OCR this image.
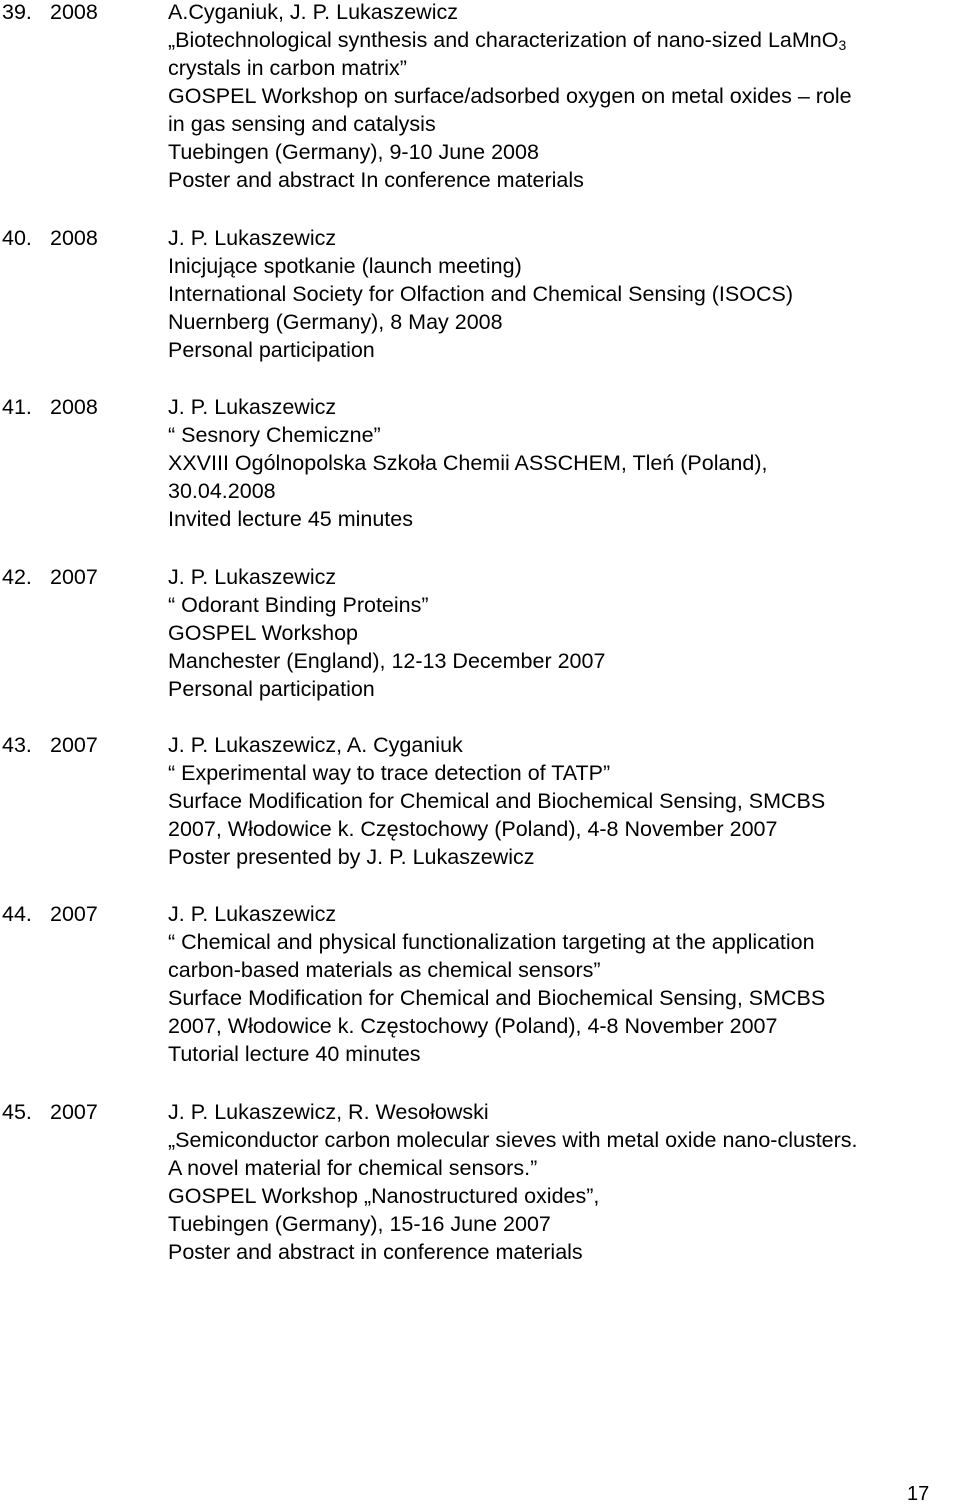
39. 2008	A.Cyganiuk, J. P. Lukaszewicz
„Biotechnological synthesis and characterization of nano-sized LaMnO$_3$
crystals in carbon matrix”
GOSPEL Workshop on surface/adsorbed oxygen on metal oxides – role
in gas sensing and catalysis
Tuebingen (Germany), 9-10 June 2008
Poster and abstract In conference materials
40. 2008	J. P. Lukaszewicz
Inicjujące spotkanie (launch meeting)
International Society for Olfaction and Chemical Sensing (ISOCS)
Nuernberg (Germany), 8 May 2008
Personal participation
41. 2008	J. P. Lukaszewicz
“ Sesnory Chemiczne”
XXVIII Ogólnopolska Szkoła Chemii ASSCHEM, Tleń (Poland),
30.04.2008
Invited lecture 45 minutes
42. 2007	J. P. Lukaszewicz
“ Odorant Binding Proteins”
GOSPEL Workshop
Manchester (England), 12-13 December 2007
Personal participation
43. 2007	J. P. Lukaszewicz, A. Cyganiuk
“ Experimental way to trace detection of TATP”
Surface Modification for Chemical and Biochemical Sensing, SMCBS
2007, Włodowice k. Częstochowy (Poland), 4-8 November 2007
Poster presented by J. P. Lukaszewicz
44. 2007	J. P. Lukaszewicz
“ Chemical and physical functionalization targeting at the application
carbon-based materials as chemical sensors”
Surface Modification for Chemical and Biochemical Sensing, SMCBS
2007, Włodowice k. Częstochowy (Poland), 4-8 November 2007
Tutorial lecture 40 minutes
45. 2007	J. P. Lukaszewicz, R. Wesołowski
„Semiconductor carbon molecular sieves with metal oxide nano-clusters.
A novel material for chemical sensors.”
GOSPEL Workshop „Nanostructured oxides”,
Tuebingen (Germany), 15-16 June 2007
Poster and abstract in conference materials
17
